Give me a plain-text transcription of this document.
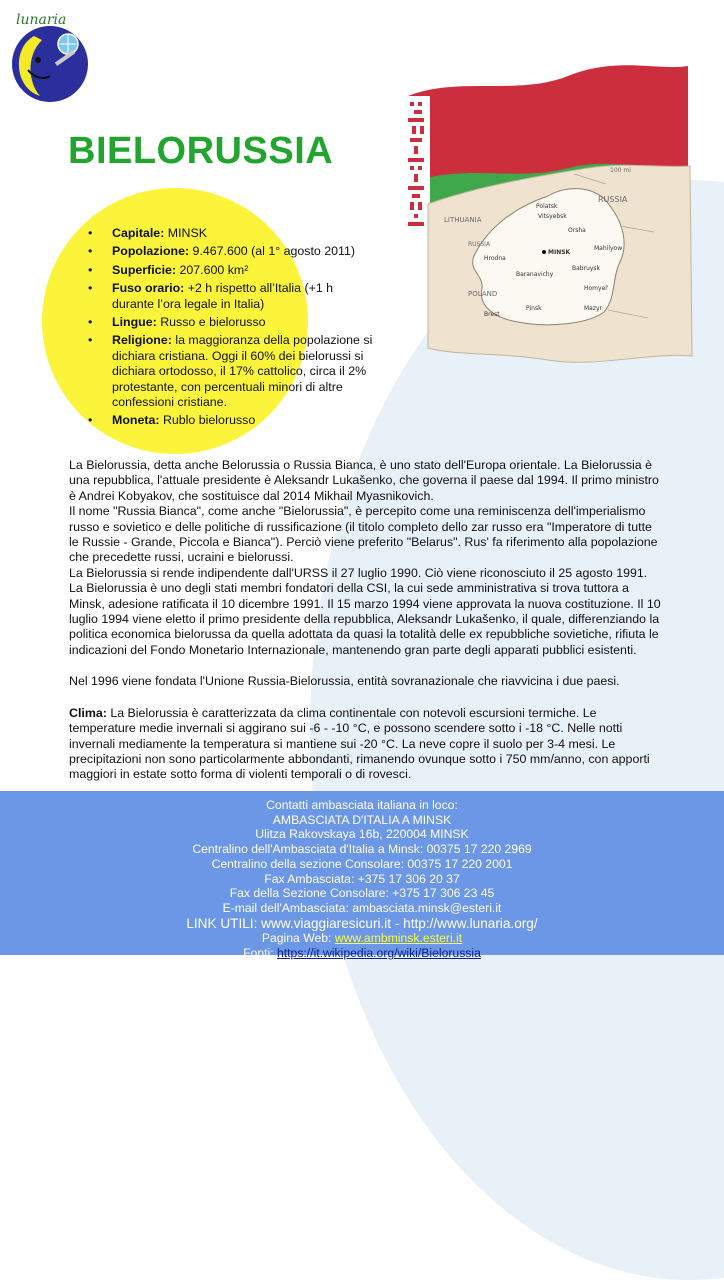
lunaria
BIELORUSSIA
RUSSIA
LITHUANIA
RUSSIA
POLAND
100 mi
Polatsk
Vitsyebsk
Orsha
Mahilyow
MINSK
Hrodna
Babruysk
Baranavichy
Homyel'
Brest
Pinsk	Mazyr
• Capitale: MINSK
• Popolazione: 9.467.600 (al 1° agosto 2011)
• Superficie: 207.600 km²
• Fuso orario: +2 h rispetto all’Italia (+1 h durante l’ora legale in Italia)
• Lingue: Russo e bielorusso
• Religione: la maggioranza della popolazione si dichiara cristiana. Oggi il 60% dei bielorussi si dichiara ortodosso, il 17% cattolico, circa il 2% protestante, con percentuali minori di altre confessioni cristiane.
• Moneta: Rublo bielorusso

La Bielorussia, detta anche Belorussia o Russia Bianca, è uno stato dell'Europa orientale. La Bielorussia è una repubblica, l'attuale presidente è Aleksandr Lukašenko, che governa il paese dal 1994. Il primo ministro è Andrei Kobyakov, che sostituisce dal 2014 Mikhail Myasnikovich.

Il nome "Russia Bianca", come anche "Bielorussia", è percepito come una reminiscenza dell'imperialismo russo e sovietico e delle politiche di russificazione (il titolo completo dello zar russo era "Imperatore di tutte le Russie - Grande, Piccola e Bianca"). Perciò viene preferito "Belarus". Rus' fa riferimento alla popolazione che precedette russi, ucraini e bielorussi.

La Bielorussia si rende indipendente dall'URSS il 27 luglio 1990. Ciò viene riconosciuto il 25 agosto 1991. La Bielorussia è uno degli stati membri fondatori della CSI, la cui sede amministrativa si trova tuttora a Minsk, adesione ratificata il 10 dicembre 1991. Il 15 marzo 1994 viene approvata la nuova costituzione. Il 10 luglio 1994 viene eletto il primo presidente della repubblica, Aleksandr Lukašenko, il quale, differenziando la politica economica bielorussa da quella adottata da quasi la totalità delle ex repubbliche sovietiche, rifiuta le indicazioni del Fondo Monetario Internazionale, mantenendo gran parte degli apparati pubblici esistenti.

Nel 1996 viene fondata l'Unione Russia-Bielorussia, entità sovranazionale che riavvicina i due paesi.

Clima: La Bielorussia è caratterizzata da clima continentale con notevoli escursioni termiche. Le temperature medie invernali si aggirano sui -6 - -10 °C, e possono scendere sotto i -18 °C. Nelle notti invernali mediamente la temperatura si mantiene sui -20 °C. La neve copre il suolo per 3-4 mesi. Le precipitazioni non sono particolarmente abbondanti, rimanendo ovunque sotto i 750 mm/anno, con apporti maggiori in estate sotto forma di violenti temporali o di rovesci.

Contatti ambasciata italiana in loco:
AMBASCIATA D'ITALIA A MINSK
Ulitza Rakovskaya 16b, 220004 MINSK
Centralino dell'Ambasciata d'Italia a Minsk: 00375 17 220 2969
Centralino della sezione Consolare: 00375 17 220 2001
Fax Ambasciata: +375 17 306 20 37
Fax della Sezione Consolare: +375 17 306 23 45
E-mail dell'Ambasciata: ambasciata.minsk@esteri.it
LINK UTILI: www.viaggiaresicuri.it - http://www.lunaria.org/
Pagina Web: www.ambminsk.esteri.it
Fonti: https://it.wikipedia.org/wiki/Bielorussia
